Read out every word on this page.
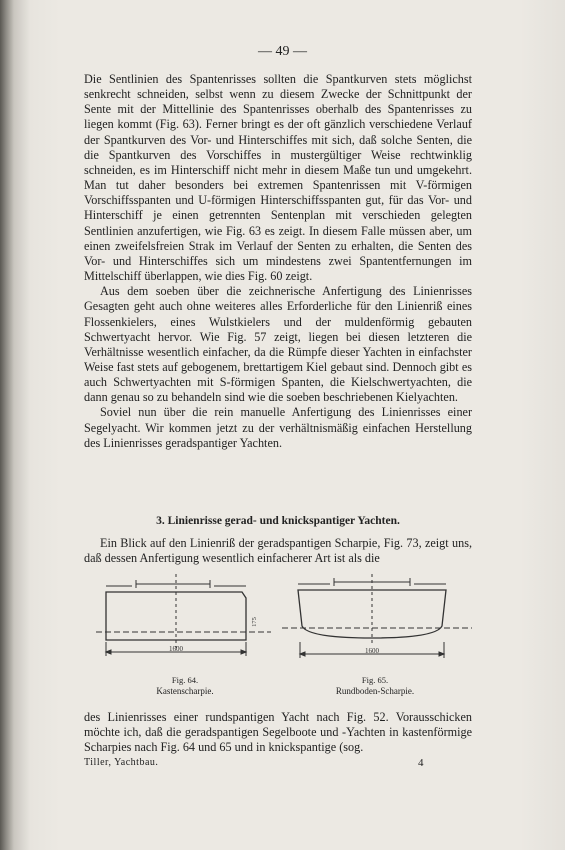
— 49 —

Die Sentlinien des Spantenrisses sollten die Spantkurven stets möglichst senkrecht schneiden, selbst wenn zu diesem Zwecke der Schnittpunkt der Sente mit der Mittellinie des Spantenrisses oberhalb des Spantenrisses zu liegen kommt (Fig. 63). Ferner bringt es der oft gänzlich verschiedene Verlauf der Spantkurven des Vor- und Hinterschiffes mit sich, daß solche Senten, die die Spantkurven des Vorschiffes in mustergültiger Weise rechtwinklig schneiden, es im Hinterschiff nicht mehr in diesem Maße tun und umgekehrt. Man tut daher besonders bei extremen Spantenrissen mit V-förmigen Vorschiffsspanten und U-förmigen Hinterschiffsspanten gut, für das Vor- und Hinterschiff je einen getrennten Sentenplan mit verschieden gelegten Sentlinien anzufertigen, wie Fig. 63 es zeigt. In diesem Falle müssen aber, um einen zweifelsfreien Strak im Verlauf der Senten zu erhalten, die Senten des Vor- und Hinterschiffes sich um mindestens zwei Spantentfernungen im Mittelschiff überlappen, wie dies Fig. 60 zeigt.

Aus dem soeben über die zeichnerische Anfertigung des Linienrisses Gesagten geht auch ohne weiteres alles Erforderliche für den Linienriß eines Flossenkielers, eines Wulstkielers und der muldenförmig gebauten Schwertyacht hervor. Wie Fig. 57 zeigt, liegen bei diesen letzteren die Verhältnisse wesentlich einfacher, da die Rümpfe dieser Yachten in einfachster Weise fast stets auf gebogenem, brettartigem Kiel gebaut sind. Dennoch gibt es auch Schwertyachten mit S-förmigen Spanten, die Kielschwertyachten, die dann genau so zu behandeln sind wie die soeben beschriebenen Kielyachten.

Soviel nun über die rein manuelle Anfertigung des Linienrisses einer Segelyacht. Wir kommen jetzt zu der verhältnismäßig einfachen Herstellung des Linienrisses geradspantiger Yachten.

3. Linienrisse gerad- und knickspantiger Yachten.

Ein Blick auf den Linienriß der geradspantigen Scharpie, Fig. 73, zeigt uns, daß dessen Anfertigung wesentlich einfacherer Art ist als die

1600
175
Fig. 64.
Kastenscharpie.
1600
Fig. 65.
Rundboden-Scharpie.

des Linienrisses einer rundspantigen Yacht nach Fig. 52. Vorausschicken möchte ich, daß die geradspantigen Segelboote und -Yachten in kastenförmige Scharpies nach Fig. 64 und 65 und in knickspantige (sog.

Tiller, Yachtbau.	4
